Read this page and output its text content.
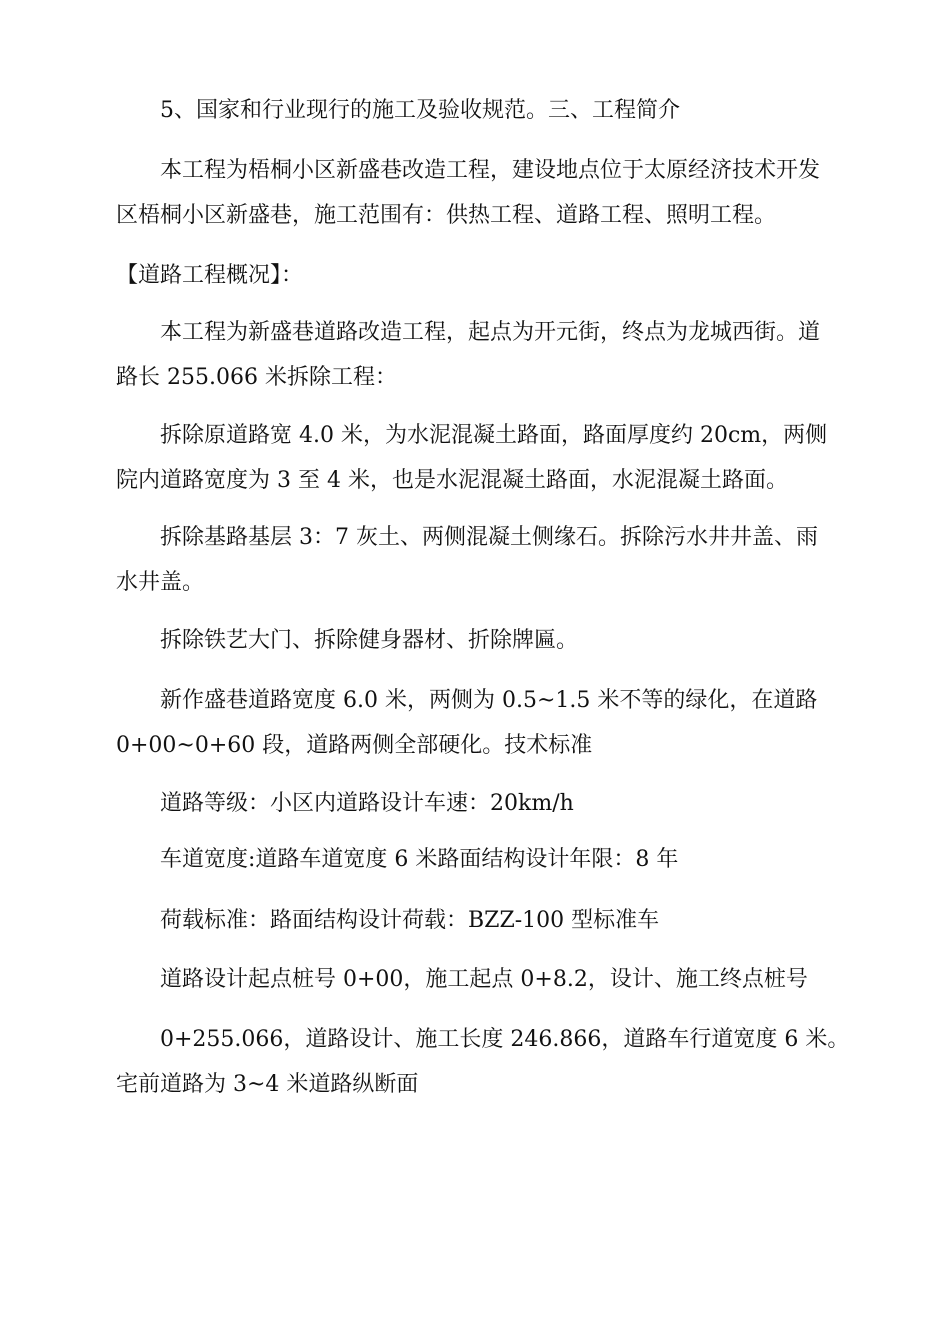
5、国家和行业现行的施工及验收规范。三、工程简介

本工程为梧桐小区新盛巷改造工程，建设地点位于太原经济技术开发
区梧桐小区新盛巷，施工范围有：供热工程、道路工程、照明工程。

【道路工程概况】：

本工程为新盛巷道路改造工程，起点为开元街，终点为龙城西街。道
路长 255.066 米拆除工程：

拆除原道路宽 4.0 米，为水泥混凝土路面，路面厚度约 20cm，两侧
院内道路宽度为 3 至 4 米，也是水泥混凝土路面，水泥混凝土路面。

拆除基路基层 3：7 灰土、两侧混凝土侧缘石。拆除污水井井盖、雨
水井盖。

拆除铁艺大门、拆除健身器材、折除牌匾。

新作盛巷道路宽度 6.0 米，两侧为 0.5~1.5 米不等的绿化，在道路
0+00~0+60 段，道路两侧全部硬化。技术标准

道路等级：小区内道路设计车速：20km/h

车道宽度:道路车道宽度 6 米路面结构设计年限：8 年

荷载标准：路面结构设计荷载：BZZ-100 型标准车

道路设计起点桩号 0+00，施工起点 0+8.2，设计、施工终点桩号

0+255.066，道路设计、施工长度 246.866，道路车行道宽度 6 米。
宅前道路为 3~4 米道路纵断面
